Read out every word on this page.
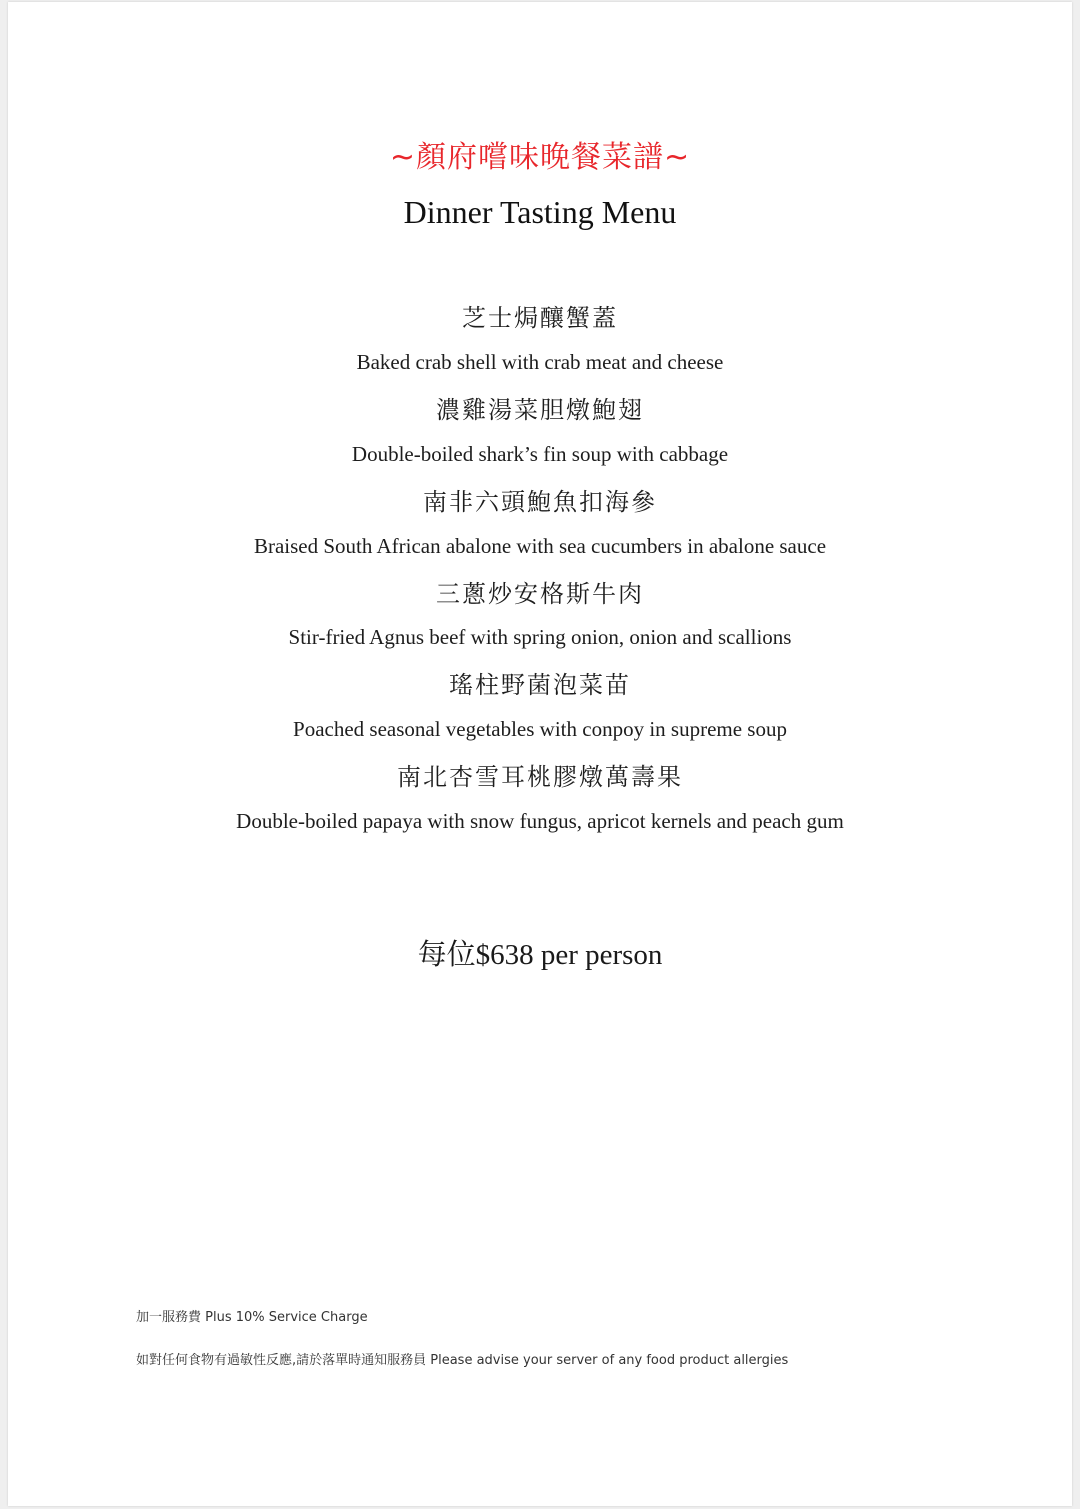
~顏府嚐味晚餐菜譜~
Dinner Tasting Menu
芝士焗釀蟹蓋
Baked crab shell with crab meat and cheese
濃雞湯菜胆燉鮑翅
Double-boiled shark’s fin soup with cabbage
南非六頭鮑魚扣海參
Braised South African abalone with sea cucumbers in abalone sauce
三蔥炒安格斯牛肉
Stir-fried Agnus beef with spring onion, onion and scallions
瑤柱野菌泡菜苗
Poached seasonal vegetables with conpoy in supreme soup
南北杏雪耳桃膠燉萬壽果
Double-boiled papaya with snow fungus, apricot kernels and peach gum
每位$638 per person
加一服務費 Plus 10% Service Charge
如對任何食物有過敏性反應,請於落單時通知服務員 Please advise your server of any food product allergies
